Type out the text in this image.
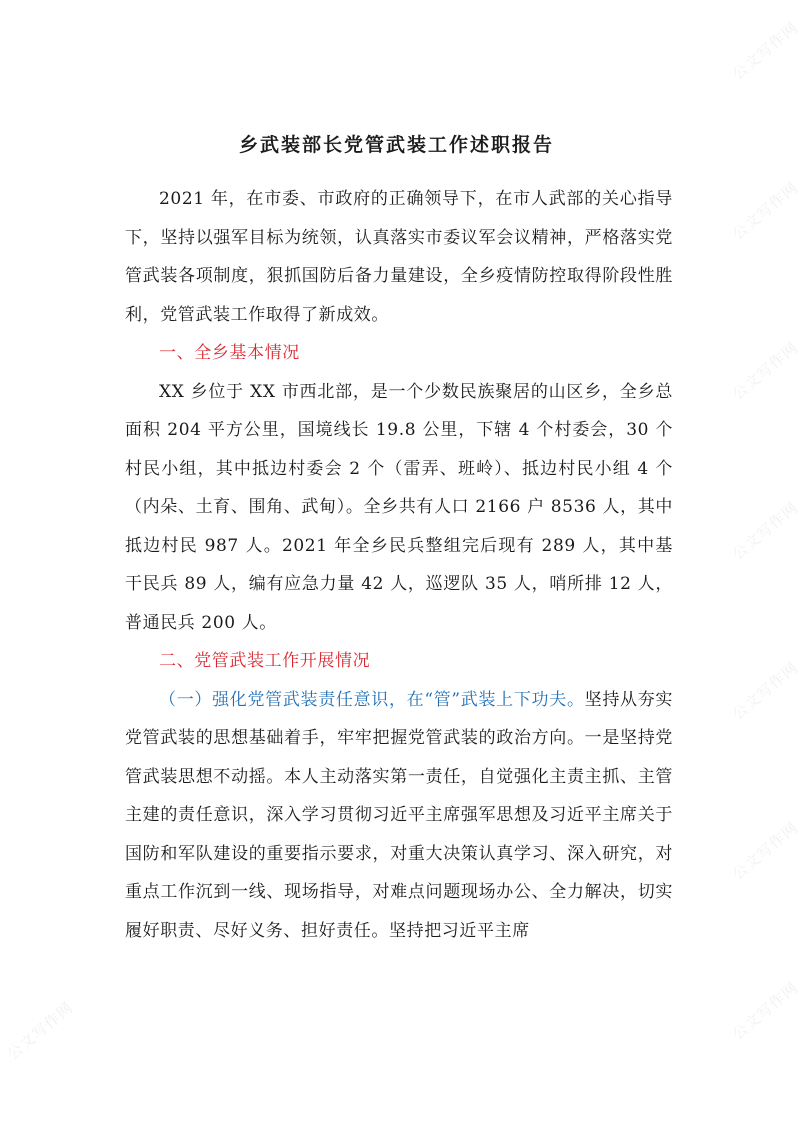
公文写作网
公文写作网
公文写作网
公文写作网
公文写作网
公文写作网
公文写作网
公文写作网
乡武装部长党管武装工作述职报告

2021 年，在市委、市政府的正确领导下，在市人武部的关心指导下，坚持以强军目标为统领，认真落实市委议军会议精神，严格落实党管武装各项制度，狠抓国防后备力量建设，全乡疫情防控取得阶段性胜利，党管武装工作取得了新成效。

一、全乡基本情况

XX 乡位于 XX 市西北部，是一个少数民族聚居的山区乡，全乡总面积 204 平方公里，国境线长 19.8 公里，下辖 4 个村委会，30 个村民小组，其中抵边村委会 2 个（雷弄、班岭）、抵边村民小组 4 个（内朵、土育、围角、武甸）。全乡共有人口 2166 户 8536 人，其中抵边村民 987 人。2021 年全乡民兵整组完后现有 289 人，其中基干民兵 89 人，编有应急力量 42 人，巡逻队 35 人，哨所排 12 人，普通民兵 200 人。

二、党管武装工作开展情况

（一）强化党管武装责任意识，在“管”武装上下功夫。坚持从夯实党管武装的思想基础着手，牢牢把握党管武装的政治方向。一是坚持党管武装思想不动摇。本人主动落实第一责任，自觉强化主责主抓、主管主建的责任意识，深入学习贯彻习近平主席强军思想及习近平主席关于国防和军队建设的重要指示要求，对重大决策认真学习、深入研究，对重点工作沉到一线、现场指导，对难点问题现场办公、全力解决，切实履好职责、尽好义务、担好责任。坚持把习近平主席
